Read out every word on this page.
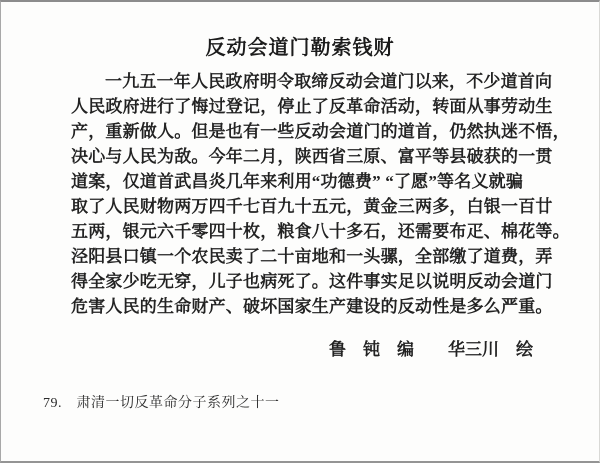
反动会道门勒索钱财
一九五一年人民政府明令取缔反动会道门以来，不少道首向
人民政府进行了悔过登记，停止了反革命活动，转面从事劳动生
产，重新做人。但是也有一些反动会道门的道首，仍然执迷不悟，
决心与人民为敌。今年二月，陕西省三原、富平等县破获的一贯
道案，仅道首武昌炎几年来利用“功德费” “了愿”等名义就骗
取了人民财物两万四千七百九十五元，黄金三两多，白银一百廿
五两，银元六千零四十枚，粮食八十多石，还需要布疋、棉花等。
泾阳县口镇一个农民卖了二十亩地和一头骡，全部缴了道费，弄
得全家少吃无穿，儿子也病死了。这件事实足以说明反动会道门
危害人民的生命财产、破坏国家生产建设的反动性是多么严重。
鲁　钝　编　　华三川　绘
79.　肃清一切反革命分子系列之十一
